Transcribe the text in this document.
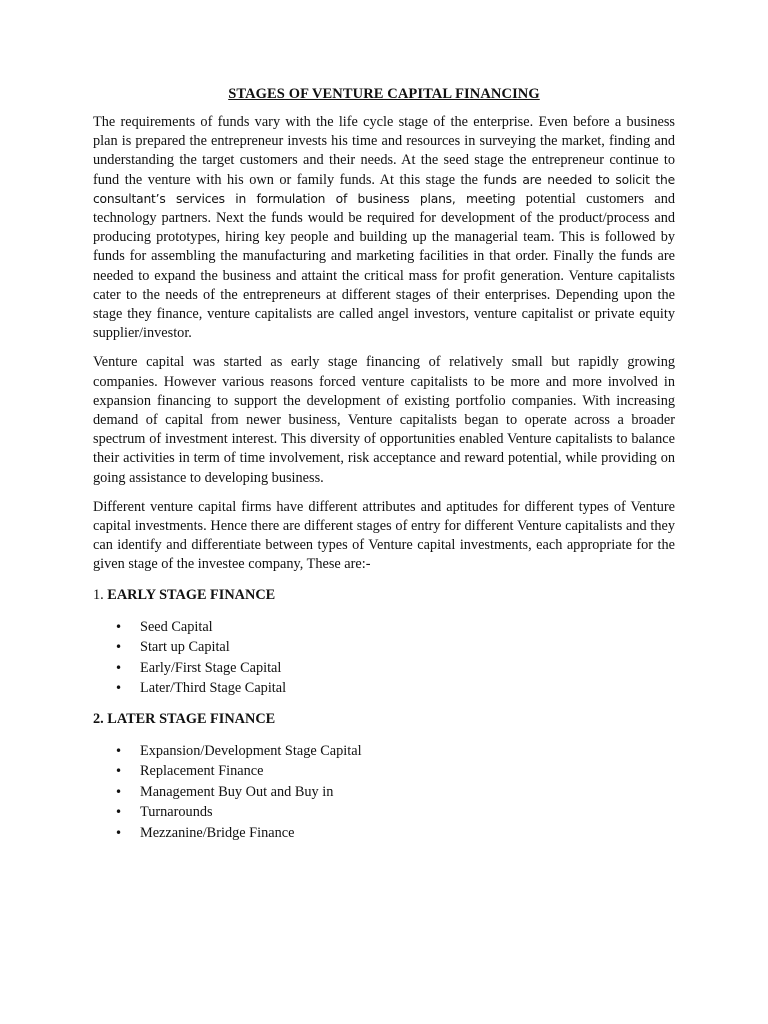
STAGES OF VENTURE CAPITAL FINANCING

The requirements of funds vary with the life cycle stage of the enterprise. Even before a business plan is prepared the entrepreneur invests his time and resources in surveying the market, finding and understanding the target customers and their needs. At the seed stage the entrepreneur continue to fund the venture with his own or family funds. At this stage the funds are needed to solicit the consultant’s services in formulation of business plans, meeting potential customers and technology partners. Next the funds would be required for development of the product/process and producing prototypes, hiring key people and building up the managerial team. This is followed by funds for assembling the manufacturing and marketing facilities in that order. Finally the funds are needed to expand the business and attaint the critical mass for profit generation. Venture capitalists cater to the needs of the entrepreneurs at different stages of their enterprises. Depending upon the stage they finance, venture capitalists are called angel investors, venture capitalist or private equity supplier/investor.

Venture capital was started as early stage financing of relatively small but rapidly growing companies. However various reasons forced venture capitalists to be more and more involved in expansion financing to support the development of existing portfolio companies. With increasing demand of capital from newer business, Venture capitalists began to operate across a broader spectrum of investment interest. This diversity of opportunities enabled Venture capitalists to balance their activities in term of time involvement, risk acceptance and reward potential, while providing on going assistance to developing business.

Different venture capital firms have different attributes and aptitudes for different types of Venture capital investments. Hence there are different stages of entry for different Venture capitalists and they can identify and differentiate between types of Venture capital investments, each appropriate for the given stage of the investee company, These are:-

1. EARLY STAGE FINANCE
• Seed Capital
• Start up Capital
• Early/First Stage Capital
• Later/Third Stage Capital
2. LATER STAGE FINANCE
• Expansion/Development Stage Capital
• Replacement Finance
• Management Buy Out and Buy in
• Turnarounds
• Mezzanine/Bridge Finance
